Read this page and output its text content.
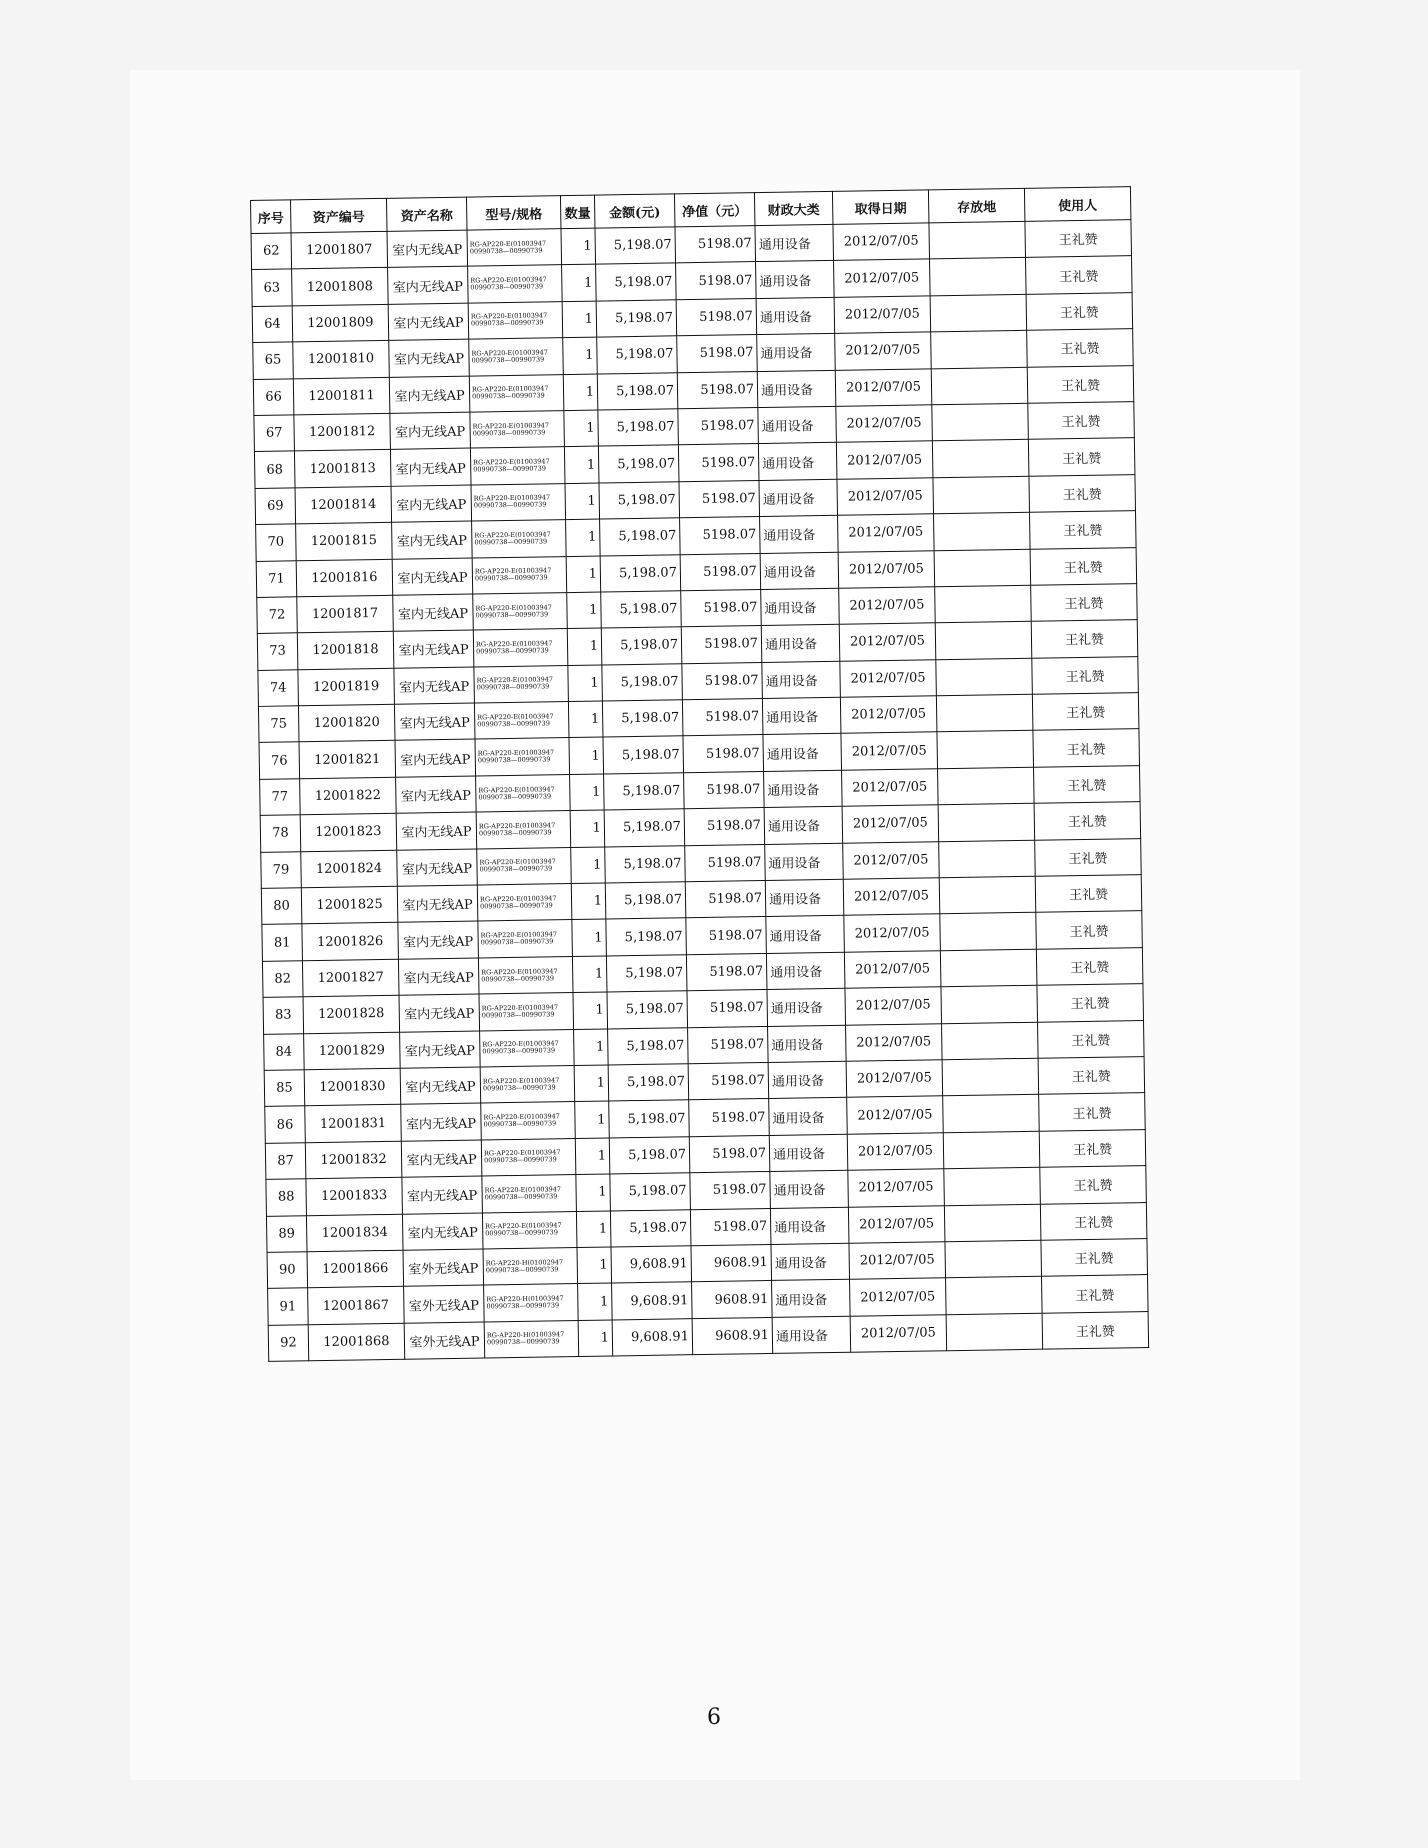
序号	资产编号	资产名称	型号/规格	数量	金额(元)	净值（元）	财政大类	取得日期	存放地	使用人
62	12001807	室内无线AP	RG-AP220-E(01003947 00990738—00990739	1	5,198.07	5198.07	通用设备	2012/07/05		王礼赞
63	12001808	室内无线AP	RG-AP220-E(01003947 00990738—00990739	1	5,198.07	5198.07	通用设备	2012/07/05		王礼赞
64	12001809	室内无线AP	RG-AP220-E(01003947 00990738—00990739	1	5,198.07	5198.07	通用设备	2012/07/05		王礼赞
65	12001810	室内无线AP	RG-AP220-E(01003947 00990738—00990739	1	5,198.07	5198.07	通用设备	2012/07/05		王礼赞
66	12001811	室内无线AP	RG-AP220-E(01003947 00990738—00990739	1	5,198.07	5198.07	通用设备	2012/07/05		王礼赞
67	12001812	室内无线AP	RG-AP220-E(01003947 00990738—00990739	1	5,198.07	5198.07	通用设备	2012/07/05		王礼赞
68	12001813	室内无线AP	RG-AP220-E(01003947 00990738—00990739	1	5,198.07	5198.07	通用设备	2012/07/05		王礼赞
69	12001814	室内无线AP	RG-AP220-E(01003947 00990738—00990739	1	5,198.07	5198.07	通用设备	2012/07/05		王礼赞
70	12001815	室内无线AP	RG-AP220-E(01003947 00990738—00990739	1	5,198.07	5198.07	通用设备	2012/07/05		王礼赞
71	12001816	室内无线AP	RG-AP220-E(01003947 00990738—00990739	1	5,198.07	5198.07	通用设备	2012/07/05		王礼赞
72	12001817	室内无线AP	RG-AP220-E(01003947 00990738—00990739	1	5,198.07	5198.07	通用设备	2012/07/05		王礼赞
73	12001818	室内无线AP	RG-AP220-E(01003947 00990738—00990739	1	5,198.07	5198.07	通用设备	2012/07/05		王礼赞
74	12001819	室内无线AP	RG-AP220-E(01003947 00990738—00990739	1	5,198.07	5198.07	通用设备	2012/07/05		王礼赞
75	12001820	室内无线AP	RG-AP220-E(01003947 00990738—00990739	1	5,198.07	5198.07	通用设备	2012/07/05		王礼赞
76	12001821	室内无线AP	RG-AP220-E(01003947 00990738—00990739	1	5,198.07	5198.07	通用设备	2012/07/05		王礼赞
77	12001822	室内无线AP	RG-AP220-E(01003947 00990738—00990739	1	5,198.07	5198.07	通用设备	2012/07/05		王礼赞
78	12001823	室内无线AP	RG-AP220-E(01003947 00990738—00990739	1	5,198.07	5198.07	通用设备	2012/07/05		王礼赞
79	12001824	室内无线AP	RG-AP220-E(01003947 00990738—00990739	1	5,198.07	5198.07	通用设备	2012/07/05		王礼赞
80	12001825	室内无线AP	RG-AP220-E(01003947 00990738—00990739	1	5,198.07	5198.07	通用设备	2012/07/05		王礼赞
81	12001826	室内无线AP	RG-AP220-E(01003947 00990738—00990739	1	5,198.07	5198.07	通用设备	2012/07/05		王礼赞
82	12001827	室内无线AP	RG-AP220-E(01003947 00990738—00990739	1	5,198.07	5198.07	通用设备	2012/07/05		王礼赞
83	12001828	室内无线AP	RG-AP220-E(01003947 00990738—00990739	1	5,198.07	5198.07	通用设备	2012/07/05		王礼赞
84	12001829	室内无线AP	RG-AP220-E(01003947 00990738—00990739	1	5,198.07	5198.07	通用设备	2012/07/05		王礼赞
85	12001830	室内无线AP	RG-AP220-E(01003947 00990738—00990739	1	5,198.07	5198.07	通用设备	2012/07/05		王礼赞
86	12001831	室内无线AP	RG-AP220-E(01003947 00990738—00990739	1	5,198.07	5198.07	通用设备	2012/07/05		王礼赞
87	12001832	室内无线AP	RG-AP220-E(01003947 00990738—00990739	1	5,198.07	5198.07	通用设备	2012/07/05		王礼赞
88	12001833	室内无线AP	RG-AP220-E(01003947 00990738—00990739	1	5,198.07	5198.07	通用设备	2012/07/05		王礼赞
89	12001834	室内无线AP	RG-AP220-E(01003947 00990738—00990739	1	5,198.07	5198.07	通用设备	2012/07/05		王礼赞
90	12001866	室外无线AP	RG-AP220-H(01002947 00990738—00990739	1	9,608.91	9608.91	通用设备	2012/07/05		王礼赞
91	12001867	室外无线AP	RG-AP220-H(01003947 00990738—00990739	1	9,608.91	9608.91	通用设备	2012/07/05		王礼赞
92	12001868	室外无线AP	RG-AP220-H(01003947 00990738—00990739	1	9,608.91	9608.91	通用设备	2012/07/05		王礼赞
6
